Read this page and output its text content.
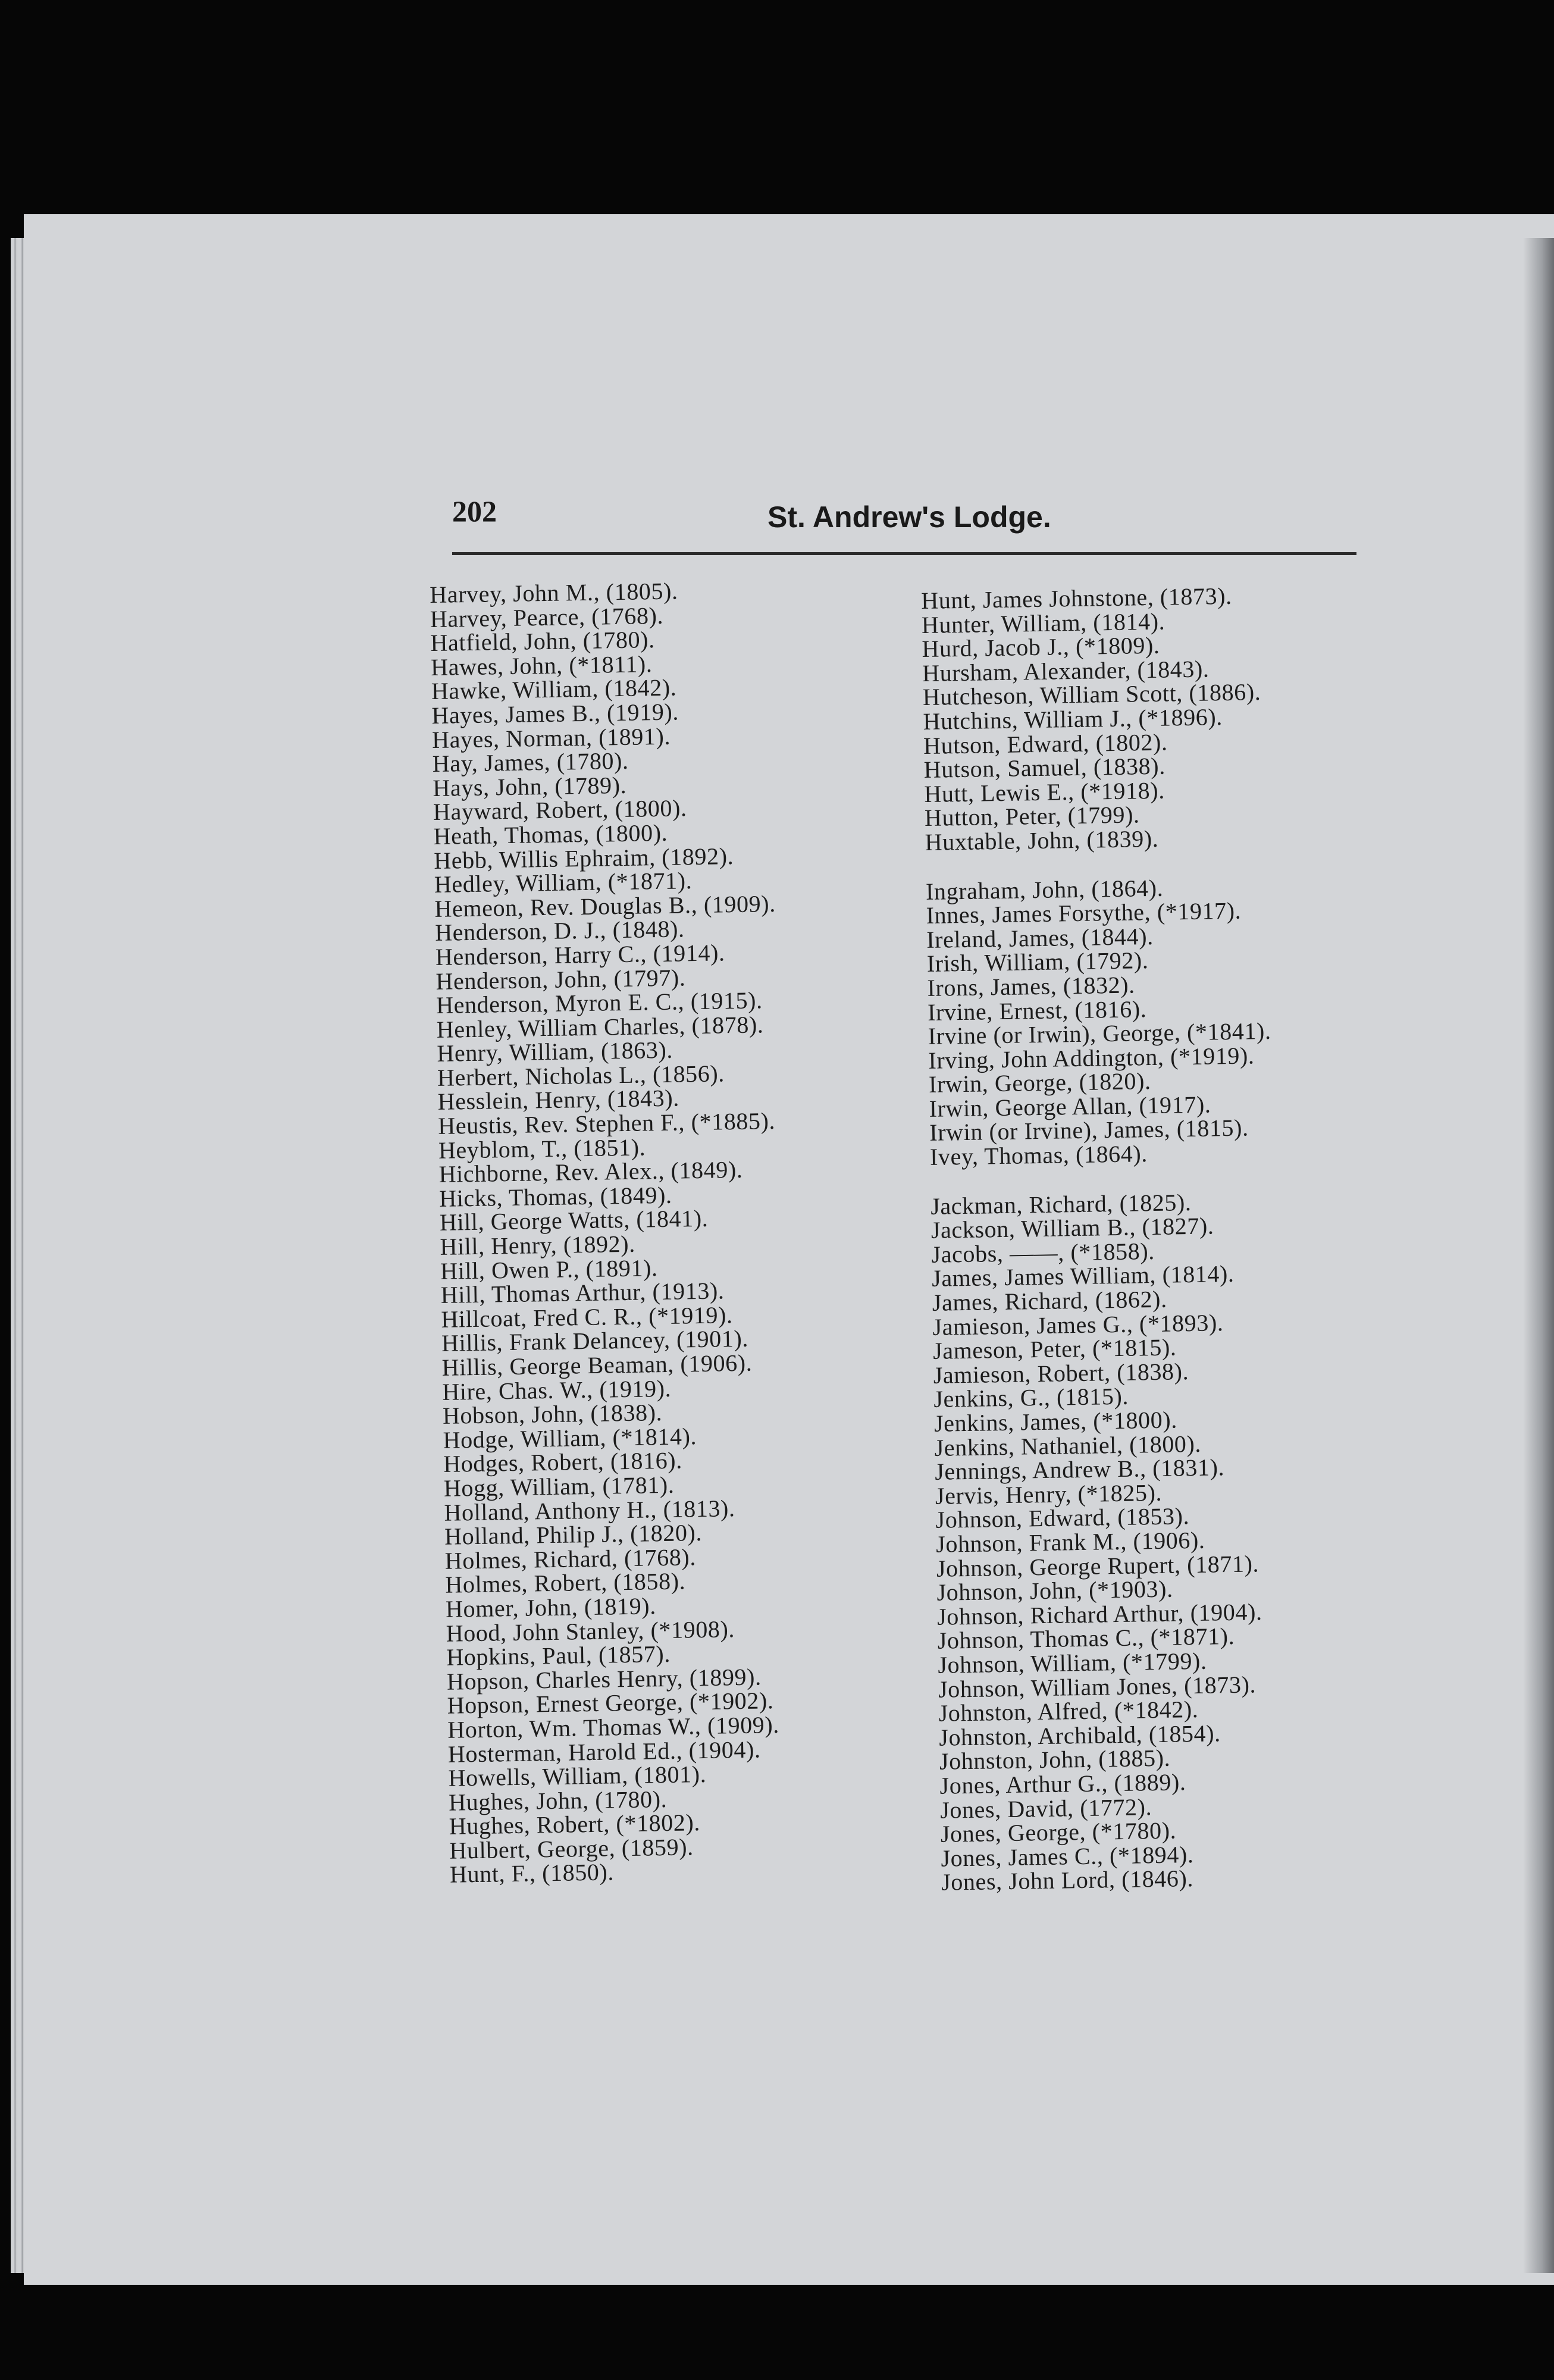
202	St. Andrew's Lodge.
Harvey, John M., (1805).
Harvey, Pearce, (1768).
Hatfield, John, (1780).
Hawes, John, (*1811).
Hawke, William, (1842).
Hayes, James B., (1919).
Hayes, Norman, (1891).
Hay, James, (1780).
Hays, John, (1789).
Hayward, Robert, (1800).
Heath, Thomas, (1800).
Hebb, Willis Ephraim, (1892).
Hedley, William, (*1871).
Hemeon, Rev. Douglas B., (1909).
Henderson, D. J., (1848).
Henderson, Harry C., (1914).
Henderson, John, (1797).
Henderson, Myron E. C., (1915).
Henley, William Charles, (1878).
Henry, William, (1863).
Herbert, Nicholas L., (1856).
Hesslein, Henry, (1843).
Heustis, Rev. Stephen F., (*1885).
Heyblom, T., (1851).
Hichborne, Rev. Alex., (1849).
Hicks, Thomas, (1849).
Hill, George Watts, (1841).
Hill, Henry, (1892).
Hill, Owen P., (1891).
Hill, Thomas Arthur, (1913).
Hillcoat, Fred C. R., (*1919).
Hillis, Frank Delancey, (1901).
Hillis, George Beaman, (1906).
Hire, Chas. W., (1919).
Hobson, John, (1838).
Hodge, William, (*1814).
Hodges, Robert, (1816).
Hogg, William, (1781).
Holland, Anthony H., (1813).
Holland, Philip J., (1820).
Holmes, Richard, (1768).
Holmes, Robert, (1858).
Homer, John, (1819).
Hood, John Stanley, (*1908).
Hopkins, Paul, (1857).
Hopson, Charles Henry, (1899).
Hopson, Ernest George, (*1902).
Horton, Wm. Thomas W., (1909).
Hosterman, Harold Ed., (1904).
Howells, William, (1801).
Hughes, John, (1780).
Hughes, Robert, (*1802).
Hulbert, George, (1859).
Hunt, F., (1850).
Hunt, James Johnstone, (1873).
Hunter, William, (1814).
Hurd, Jacob J., (*1809).
Hursham, Alexander, (1843).
Hutcheson, William Scott, (1886).
Hutchins, William J., (*1896).
Hutson, Edward, (1802).
Hutson, Samuel, (1838).
Hutt, Lewis E., (*1918).
Hutton, Peter, (1799).
Huxtable, John, (1839).
Ingraham, John, (1864).
Innes, James Forsythe, (*1917).
Ireland, James, (1844).
Irish, William, (1792).
Irons, James, (1832).
Irvine, Ernest, (1816).
Irvine (or Irwin), George, (*1841).
Irving, John Addington, (*1919).
Irwin, George, (1820).
Irwin, George Allan, (1917).
Irwin (or Irvine), James, (1815).
Ivey, Thomas, (1864).
Jackman, Richard, (1825).
Jackson, William B., (1827).
Jacobs, ——, (*1858).
James, James William, (1814).
James, Richard, (1862).
Jamieson, James G., (*1893).
Jameson, Peter, (*1815).
Jamieson, Robert, (1838).
Jenkins, G., (1815).
Jenkins, James, (*1800).
Jenkins, Nathaniel, (1800).
Jennings, Andrew B., (1831).
Jervis, Henry, (*1825).
Johnson, Edward, (1853).
Johnson, Frank M., (1906).
Johnson, George Rupert, (1871).
Johnson, John, (*1903).
Johnson, Richard Arthur, (1904).
Johnson, Thomas C., (*1871).
Johnson, William, (*1799).
Johnson, William Jones, (1873).
Johnston, Alfred, (*1842).
Johnston, Archibald, (1854).
Johnston, John, (1885).
Jones, Arthur G., (1889).
Jones, David, (1772).
Jones, George, (*1780).
Jones, James C., (*1894).
Jones, John Lord, (1846).
